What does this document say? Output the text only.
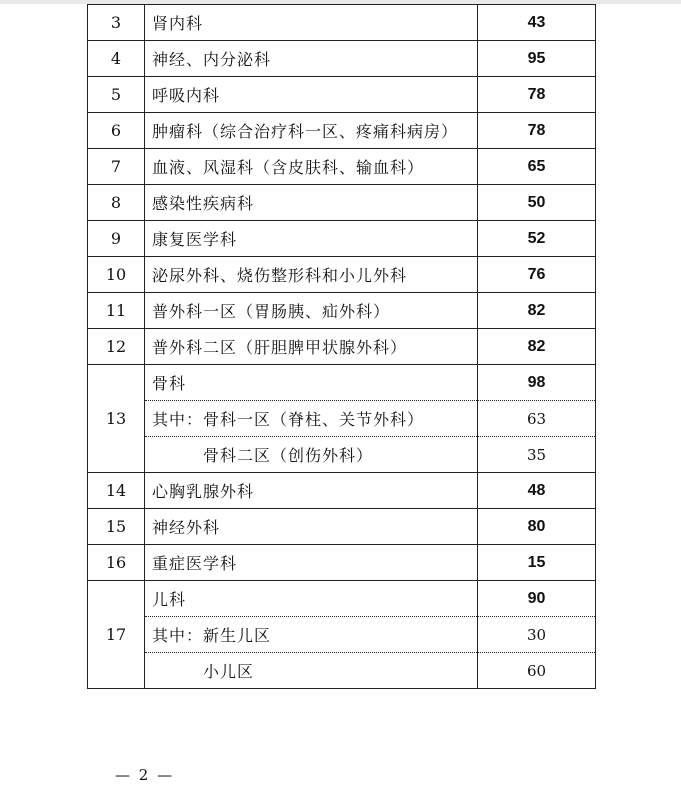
3	肾内科	43
4	神经、内分泌科	95
5	呼吸内科	78
6	肿瘤科（综合治疗科一区、疼痛科病房）	78
7	血液、风湿科（含皮肤科、输血科）	65
8	感染性疾病科	50
9	康复医学科	52
10	泌尿外科、烧伤整形科和小儿外科	76
11	普外科一区（胃肠胰、疝外科）	82
12	普外科二区（肝胆脾甲状腺外科）	82
13	骨科	98
	其中：骨科一区（脊柱、关节外科）	63
	骨科二区（创伤外科）	35
14	心胸乳腺外科	48
15	神经外科	80
16	重症医学科	15
17	儿科	90
	其中：新生儿区	30
	小儿区	60
— 2 —
